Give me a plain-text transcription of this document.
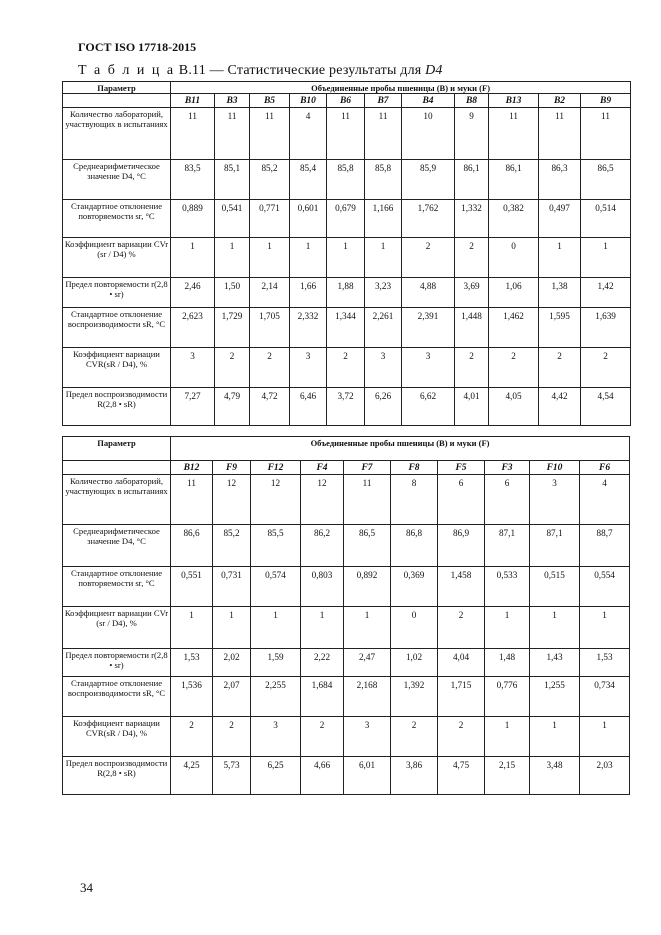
ГОСТ ISO 17718-2015
Т а б л и ц а В.11 — Статистические результаты для D4
Параметр	Объединенные пробы пшеницы (B) и муки (F)										
	B11	B3	B5	B10	B6	B7	B4	B8	B13	B2	B9
Количество лабораторий, участвующих в испытаниях	11	11	11	4	11	11	10	9	11	11	11
Среднеарифметическое значение D4, °C	83,5	85,1	85,2	85,4	85,8	85,8	85,9	86,1	86,1	86,3	86,5
Стандартное отклонение повторяемости sr, °C	0,889	0,541	0,771	0,601	0,679	1,166	1,762	1,332	0,382	0,497	0,514
Коэффициент вариации CVr (sr / D4) %	1	1	1	1	1	1	2	2	0	1	1
Предел повторяемости r(2,8 • sr)	2,46	1,50	2,14	1,66	1,88	3,23	4,88	3,69	1,06	1,38	1,42
Стандартное отклонение воспроизводимости sR, °C	2,623	1,729	1,705	2,332	1,344	2,261	2,391	1,448	1,462	1,595	1,639
Коэффициент вариации CVR(sR / D4), %	3	2	2	3	2	3	3	2	2	2	2
Предел воспроизводимости R(2,8 • sR)	7,27	4,79	4,72	6,46	3,72	6,26	6,62	4,01	4,05	4,42	4,54
Параметр	Объединенные пробы пшеницы (B) и муки (F)									
	B12	F9	F12	F4	F7	F8	F5	F3	F10	F6
Количество лабораторий, участвующих в испытаниях	11	12	12	12	11	8	6	6	3	4
Среднеарифметическое значение D4, °C	86,6	85,2	85,5	86,2	86,5	86,8	86,9	87,1	87,1	88,7
Стандартное отклонение повторяемости sr, °C	0,551	0,731	0,574	0,803	0,892	0,369	1,458	0,533	0,515	0,554
Коэффициент вариации CVr (sr / D4), %	1	1	1	1	1	0	2	1	1	1
Предел повторяемости r(2,8 • sr)	1,53	2,02	1,59	2,22	2,47	1,02	4,04	1,48	1,43	1,53
Стандартное отклонение воспроизводимости sR, °C	1,536	2,07	2,255	1,684	2,168	1,392	1,715	0,776	1,255	0,734
Коэффициент вариации CVR(sR / D4), %	2	2	3	2	3	2	2	1	1	1
Предел воспроизводимости R(2,8 • sR)	4,25	5,73	6,25	4,66	6,01	3,86	4,75	2,15	3,48	2,03
34
